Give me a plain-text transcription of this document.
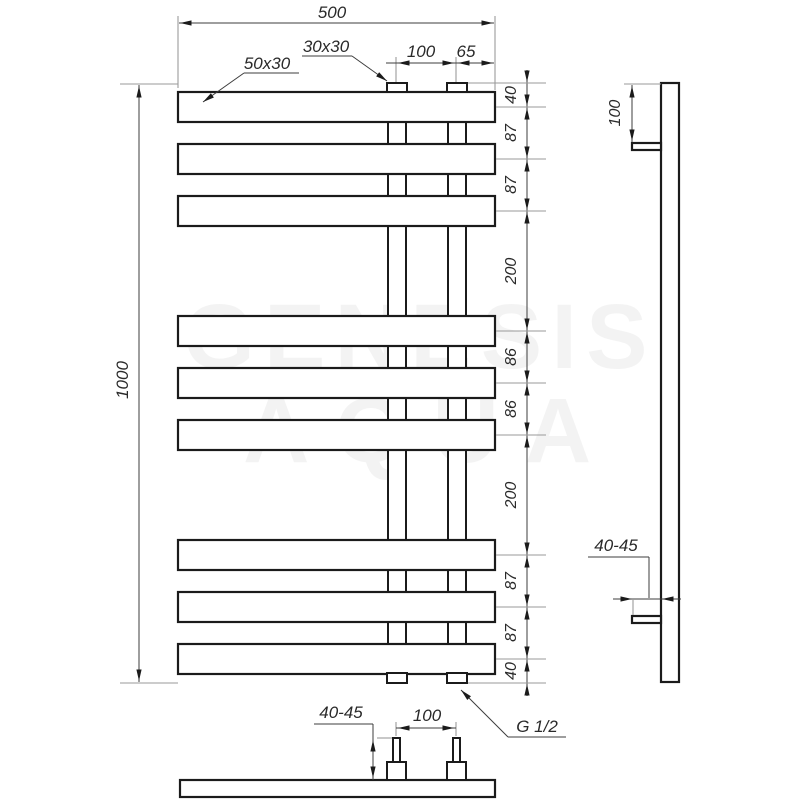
500
100 65
30x30
50x30
1000
40
87
87
200
86
86
200
87
87
40
G 1/2
100
40-45
100
40-45
